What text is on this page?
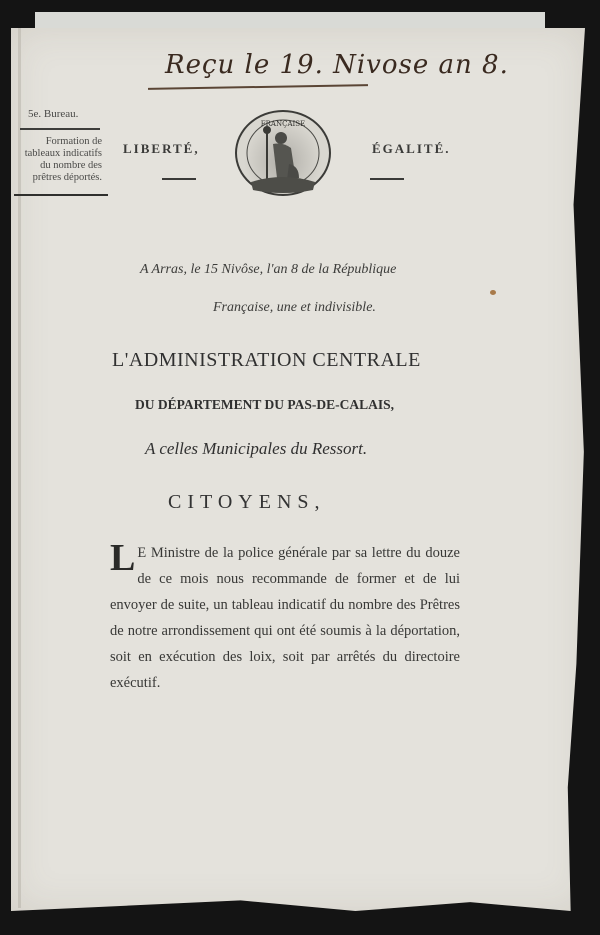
Reçu le 19. Nivose an 8.
5e. Bureau.
Formation de tableaux indicatifs du nombre des prêtres déportés.
LIBERTÉ,	ÉGALITÉ.
FRANÇAISE
A Arras, le 15 Nivôse, l'an 8 de la République
Française, une et indivisible.
L'ADMINISTRATION CENTRALE
DU DÉPARTEMENT DU PAS-DE-CALAIS,
A celles Municipales du Ressort.
CITOYENS,
L E Ministre de la police générale par sa lettre du douze de ce mois nous recommande de former et de lui envoyer de suite, un tableau indicatif du nombre des Prêtres de notre arrondissement qui ont été soumis à la déportation, soit en exécution des loix, soit par arrêtés du directoire exécutif.
